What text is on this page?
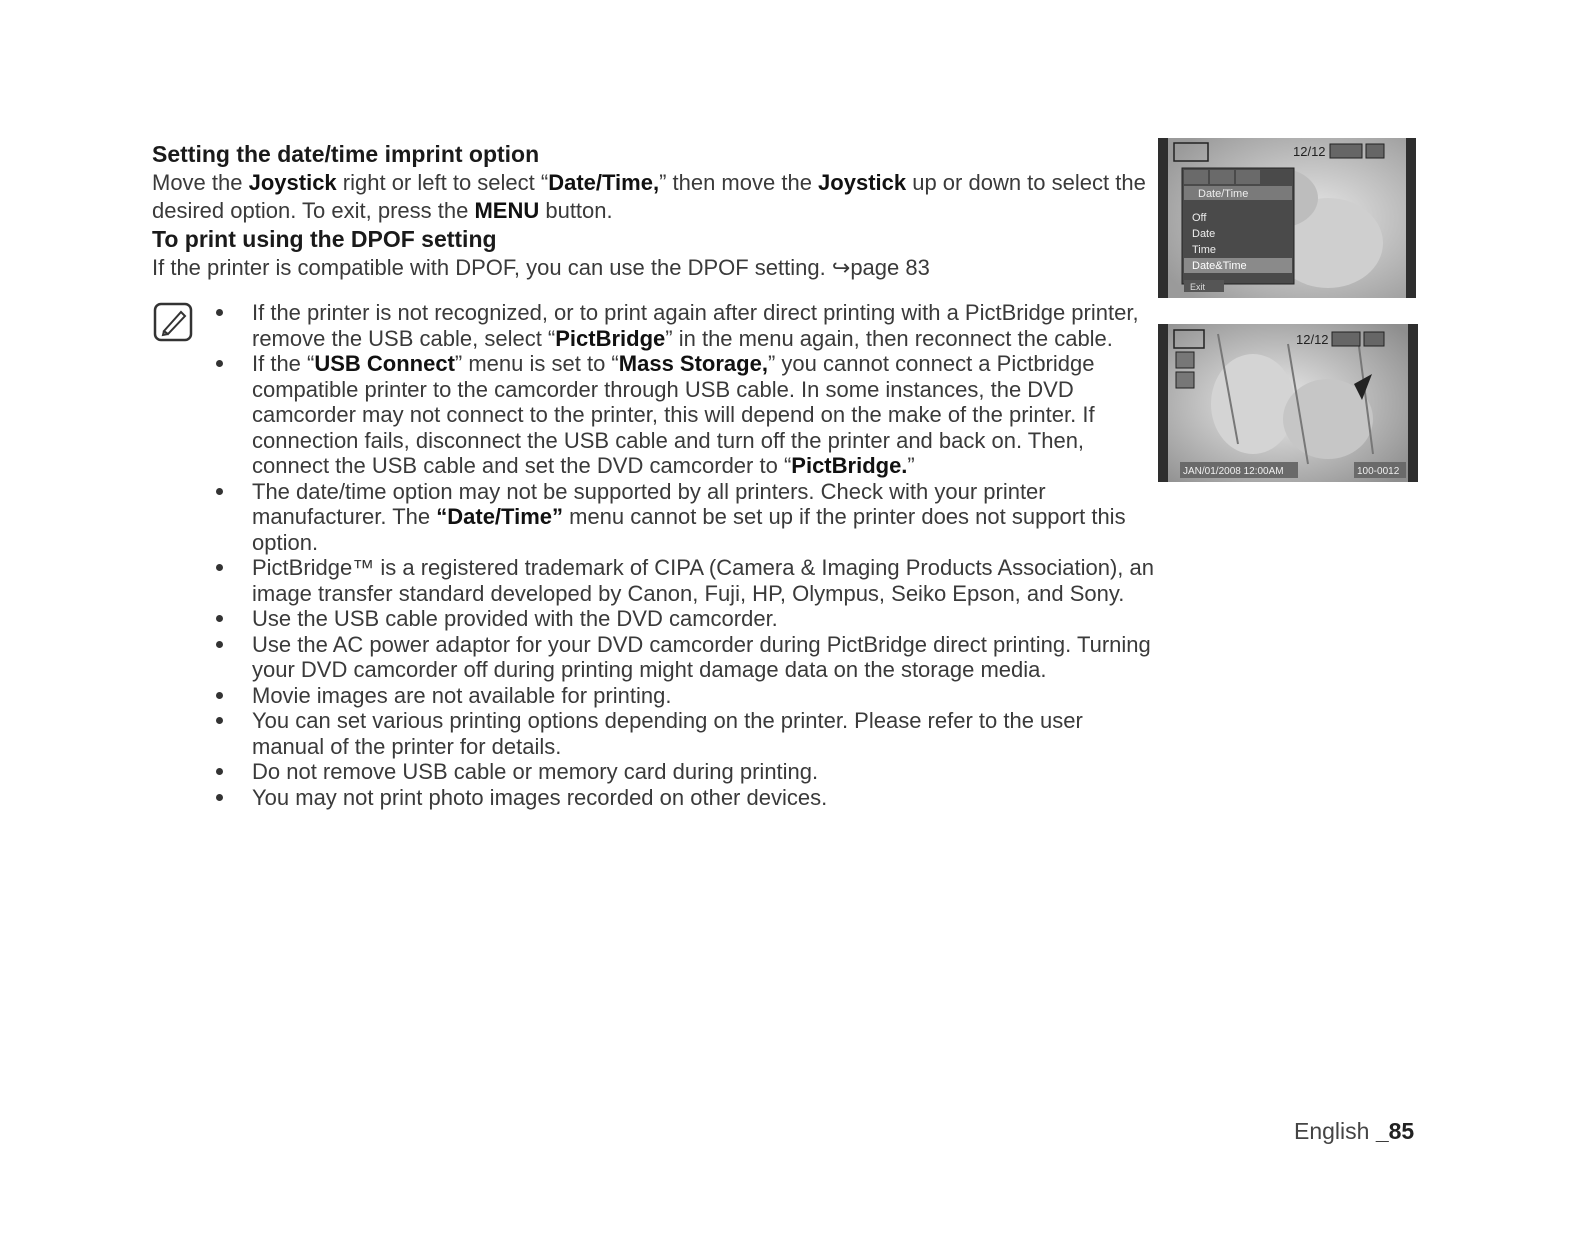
Setting the date/time imprint option

Move the Joystick right or left to select “Date/Time,” then move the Joystick up or down to select the desired option. To exit, press the MENU button.

To print using the DPOF setting

If the printer is compatible with DPOF, you can use the DPOF setting. ↪page 83

If the printer is not recognized, or to print again after direct printing with a PictBridge printer, remove the USB cable, select “PictBridge” in the menu again, then reconnect the cable.
If the “USB Connect” menu is set to “Mass Storage,” you cannot connect a Pictbridge compatible printer to the camcorder through USB cable. In some instances, the DVD camcorder may not connect to the printer, this will depend on the make of the printer. If connection fails, disconnect the USB cable and turn off the printer and back on. Then, connect the USB cable and set the DVD camcorder to “PictBridge.”
The date/time option may not be supported by all printers. Check with your printer manufacturer. The “Date/Time” menu cannot be set up if the printer does not support this option.
PictBridge™ is a registered trademark of CIPA (Camera & Imaging Products Association), an image transfer standard developed by Canon, Fuji, HP, Olympus, Seiko Epson, and Sony.
Use the USB cable provided with the DVD camcorder.
Use the AC power adaptor for your DVD camcorder during PictBridge direct printing. Turning your DVD camcorder off during printing might damage data on the storage media.
Movie images are not available for printing.
You can set various printing options depending on the printer. Please refer to the user manual of the printer for details.
Do not remove USB cable or memory card during printing.
You may not print photo images recorded on other devices.
12/12
Date/Time
Off
Date
Time
Date&Time
Exit
12/12
JAN/01/2008 12:00AM	100-0012
English _85
